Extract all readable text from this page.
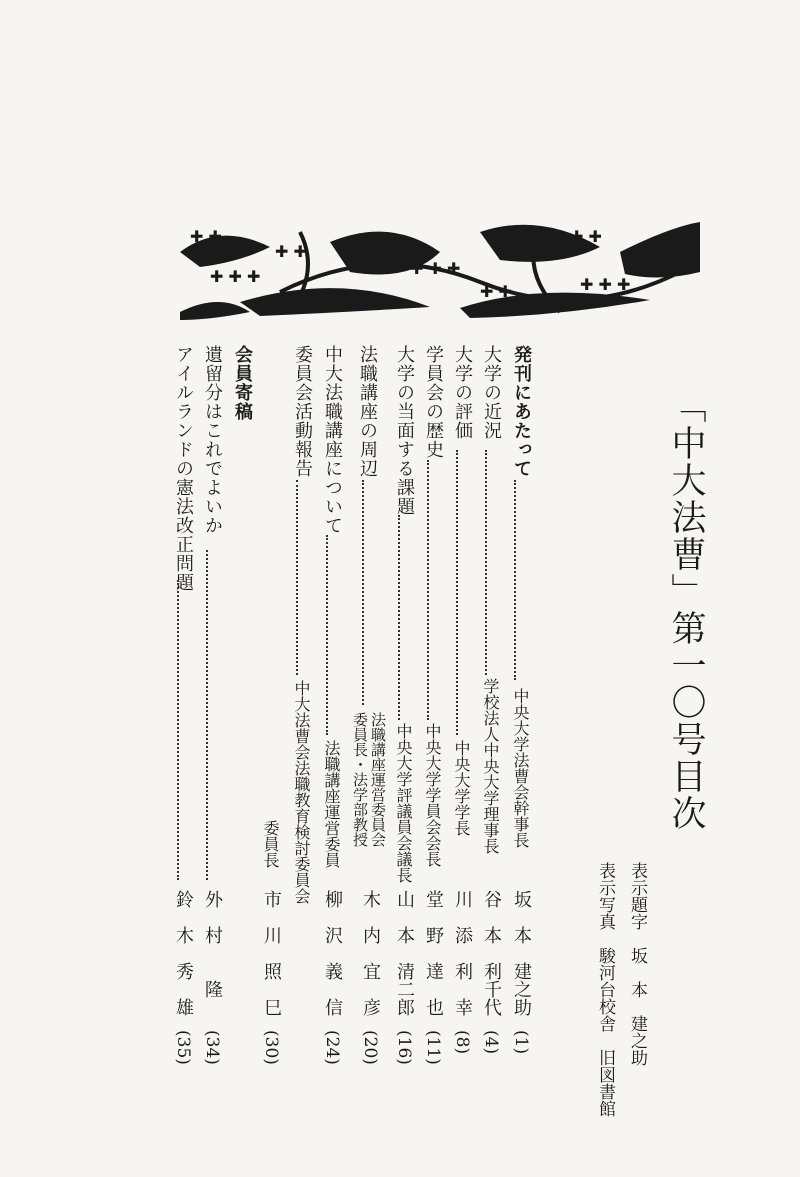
✚ ✚
✚ ✚ ✚
✚ ✚
✚ ✚ ✚
✚ ✚
✚ ✚
✚ ✚ ✚
「中大法曹」第一〇号目次
表示題字　坂　本　建之助
表示写真　駿河台校舎　旧図書館
発刊にあたって
大学の近況
大学の評価
学員会の歴史
大学の当面する課題
法職講座の周辺
中大法職講座について
委員会活動報告
中央大学法曹会幹事長
学校法人中央大学理事長
中央大学学長
中央大学学員会会長
中央大学評議員会議長
法職講座運営委員会
委員長・法学部教授
法職講座運営委員
中大法曹会法職教育検討委員会
委員長
坂　本　建之助
谷　本　利千代
川　添　利　幸
堂　野　達　也
山　本　清二郎
木　内　宜　彦
柳　沢　義　信
市　川　照　巳
(1)
(4)
(8)
(11)
(16)
(20)
(24)
(30)
会員寄稿
遺留分はこれでよいか
アイルランドの憲法改正問題
外　村　　隆
鈴　木　秀　雄
(34)
(35)
